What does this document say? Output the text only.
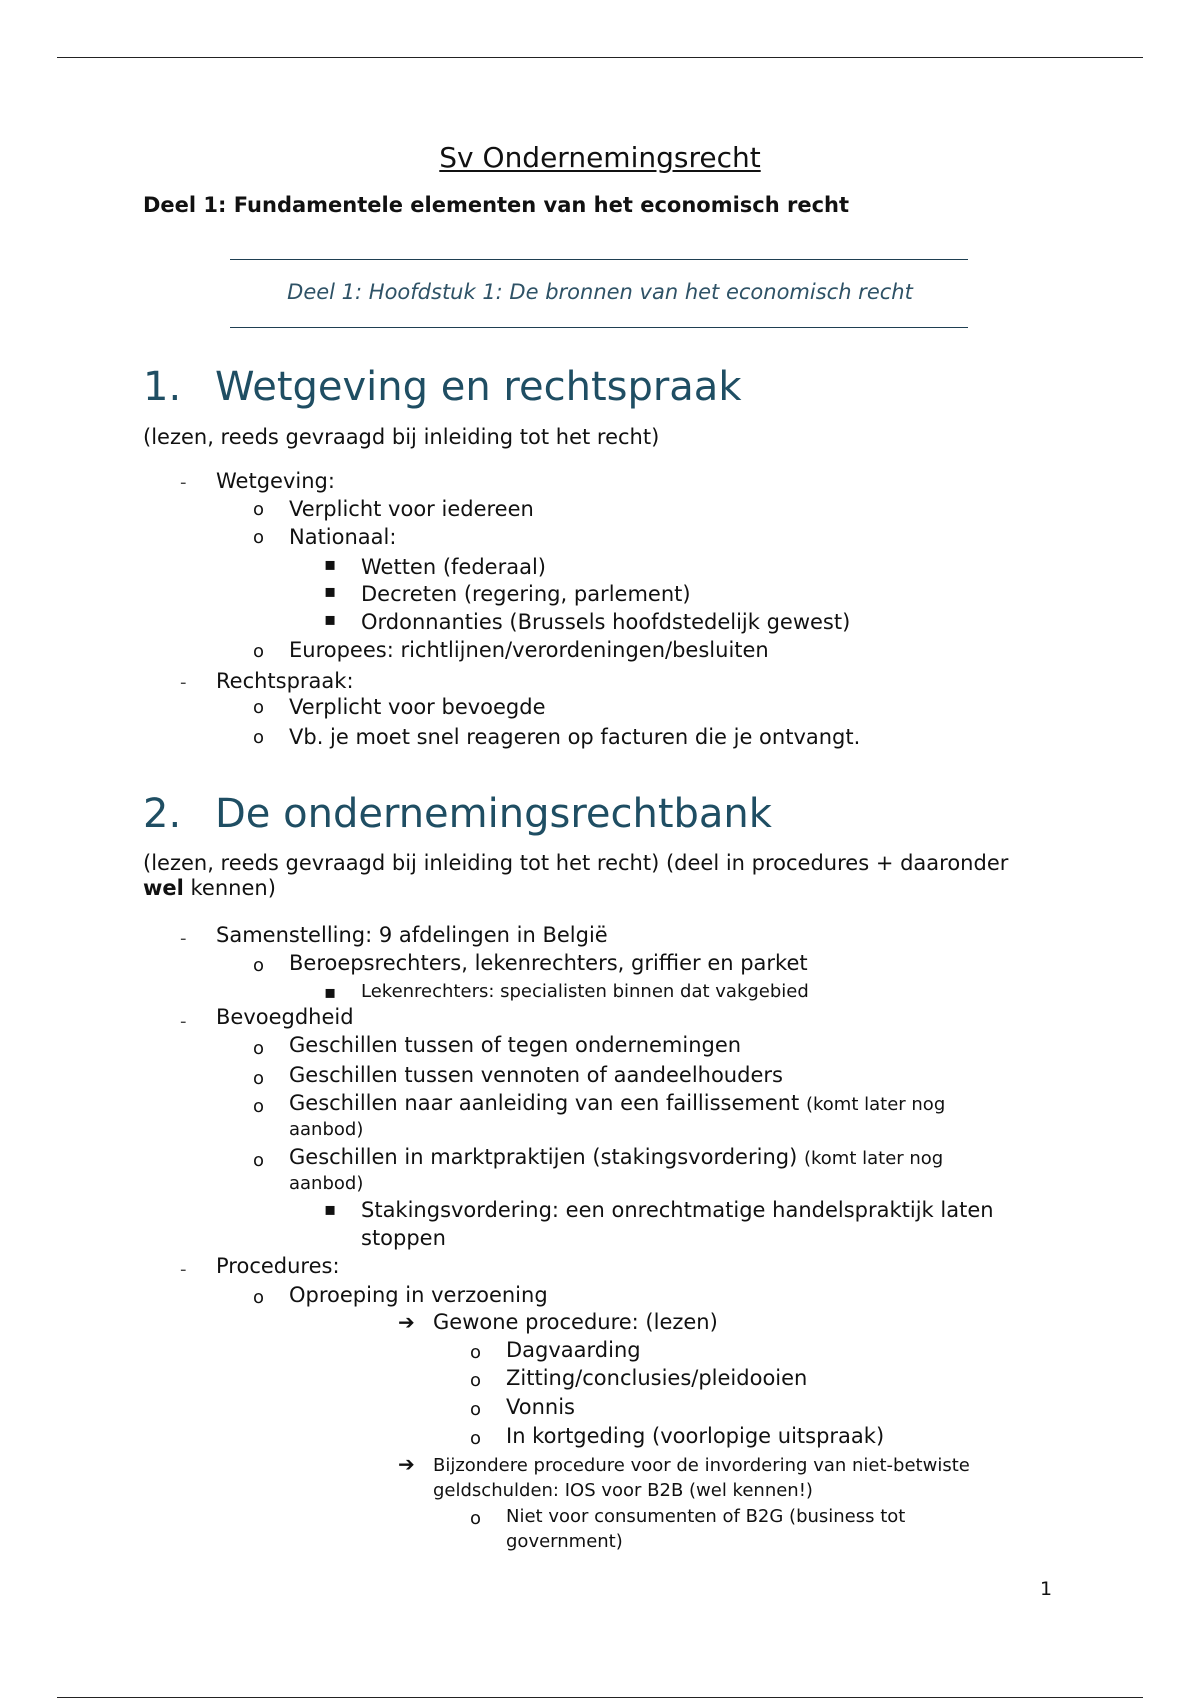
Sv Ondernemingsrecht
Deel 1: Fundamentele elementen van het economisch recht
Deel 1: Hoofdstuk 1: De bronnen van het economisch recht
1. Wetgeving en rechtspraak
(lezen, reeds gevraagd bij inleiding tot het recht)
- Wetgeving:
o Verplicht voor iedereen
o Nationaal:
▪ Wetten (federaal)
▪ Decreten (regering, parlement)
▪ Ordonnanties (Brussels hoofdstedelijk gewest)
o Europees: richtlijnen/verordeningen/besluiten
- Rechtspraak:
o Verplicht voor bevoegde
o Vb. je moet snel reageren op facturen die je ontvangt.
2. De ondernemingsrechtbank
(lezen, reeds gevraagd bij inleiding tot het recht) (deel in procedures + daaronder
wel kennen)
- Samenstelling: 9 afdelingen in België
o Beroepsrechters, lekenrechters, griffier en parket
▪ Lekenrechters: specialisten binnen dat vakgebied
- Bevoegdheid
o Geschillen tussen of tegen ondernemingen
o Geschillen tussen vennoten of aandeelhouders
o Geschillen naar aanleiding van een faillissement (komt later nog
aanbod)
o Geschillen in marktpraktijen (stakingsvordering) (komt later nog
aanbod)
▪ Stakingsvordering: een onrechtmatige handelspraktijk laten
stoppen
- Procedures:
o Oproeping in verzoening
➔ Gewone procedure: (lezen)
o Dagvaarding
o Zitting/conclusies/pleidooien
o Vonnis
o In kortgeding (voorlopige uitspraak)
➔ Bijzondere procedure voor de invordering van niet-betwiste
geldschulden: IOS voor B2B (wel kennen!)
o Niet voor consumenten of B2G (business tot
government)
1
